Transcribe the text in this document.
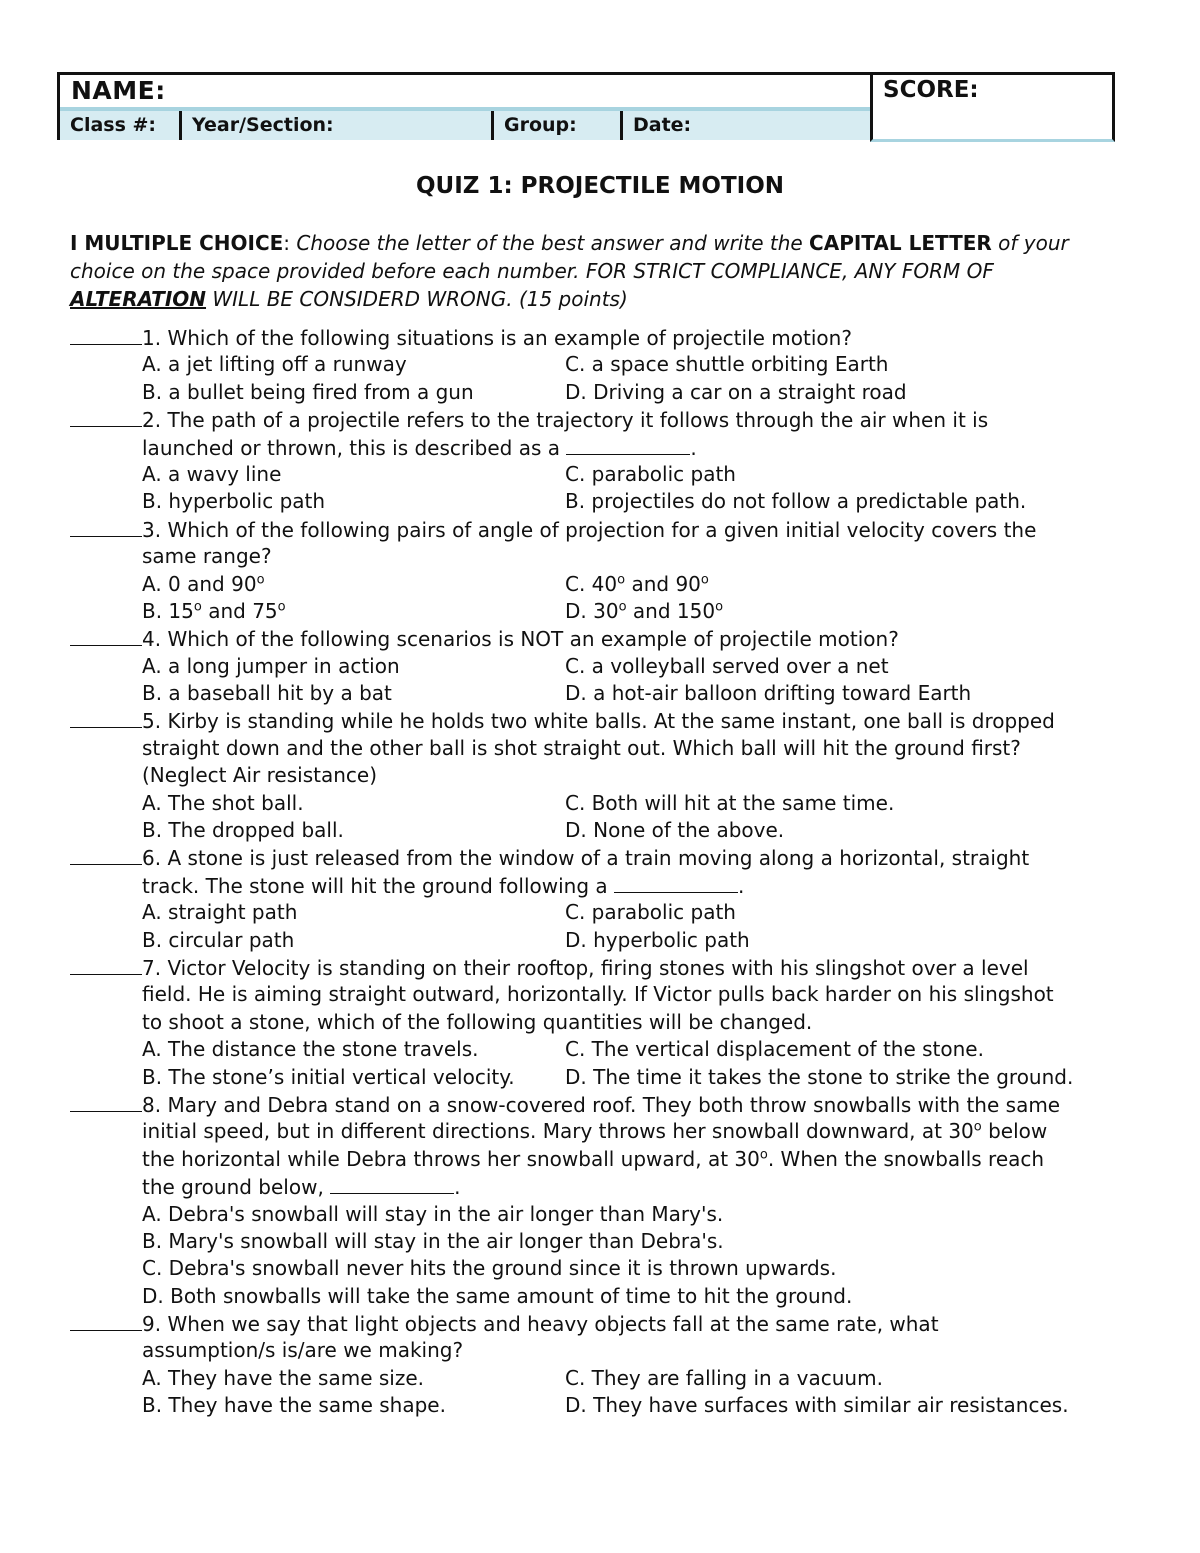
NAME:
Class #:	Year/Section:	Group:	Date:
SCORE:
QUIZ 1: PROJECTILE MOTION
I MULTIPLE CHOICE: Choose the letter of the best answer and write the CAPITAL LETTER of your choice on the space provided before each number. FOR STRICT COMPLIANCE, ANY FORM OF ALTERATION WILL BE CONSIDERD WRONG. (15 points)
1. Which of the following situations is an example of projectile motion?
A. a jet lifting off a runway	C. a space shuttle orbiting Earth
B. a bullet being fired from a gun	D. Driving a car on a straight road
2. The path of a projectile refers to the trajectory it follows through the air when it is
launched or thrown, this is described as a	.
A. a wavy line	C. parabolic path
B. hyperbolic path	B. projectiles do not follow a predictable path.
3. Which of the following pairs of angle of projection for a given initial velocity covers the
same range?
A. 0 and 90$^o$	C. 40$^o$ and 90$^o$
B. 15$^o$ and 75$^o$	D. 30$^o$ and 150$^o$
4. Which of the following scenarios is NOT an example of projectile motion?
A. a long jumper in action	C. a volleyball served over a net
B. a baseball hit by a bat	D. a hot-air balloon drifting toward Earth
5. Kirby is standing while he holds two white balls. At the same instant, one ball is dropped
straight down and the other ball is shot straight out. Which ball will hit the ground first?
(Neglect Air resistance)
A. The shot ball.	C. Both will hit at the same time.
B. The dropped ball.	D. None of the above.
6. A stone is just released from the window of a train moving along a horizontal, straight
track. The stone will hit the ground following a	.
A. straight path	C. parabolic path
B. circular path	D. hyperbolic path
7. Victor Velocity is standing on their rooftop, firing stones with his slingshot over a level
field. He is aiming straight outward, horizontally. If Victor pulls back harder on his slingshot
to shoot a stone, which of the following quantities will be changed.
A. The distance the stone travels.	C. The vertical displacement of the stone.
B. The stone’s initial vertical velocity.	D. The time it takes the stone to strike the ground.
8. Mary and Debra stand on a snow-covered roof. They both throw snowballs with the same
initial speed, but in different directions. Mary throws her snowball downward, at 30$^o$ below
the horizontal while Debra throws her snowball upward, at 30$^o$. When the snowballs reach
the ground below,	.
A. Debra's snowball will stay in the air longer than Mary's.
B. Mary's snowball will stay in the air longer than Debra's.
C. Debra's snowball never hits the ground since it is thrown upwards.
D. Both snowballs will take the same amount of time to hit the ground.
9. When we say that light objects and heavy objects fall at the same rate, what
assumption/s is/are we making?
A. They have the same size.	C. They are falling in a vacuum.
B. They have the same shape.	D. They have surfaces with similar air resistances.
